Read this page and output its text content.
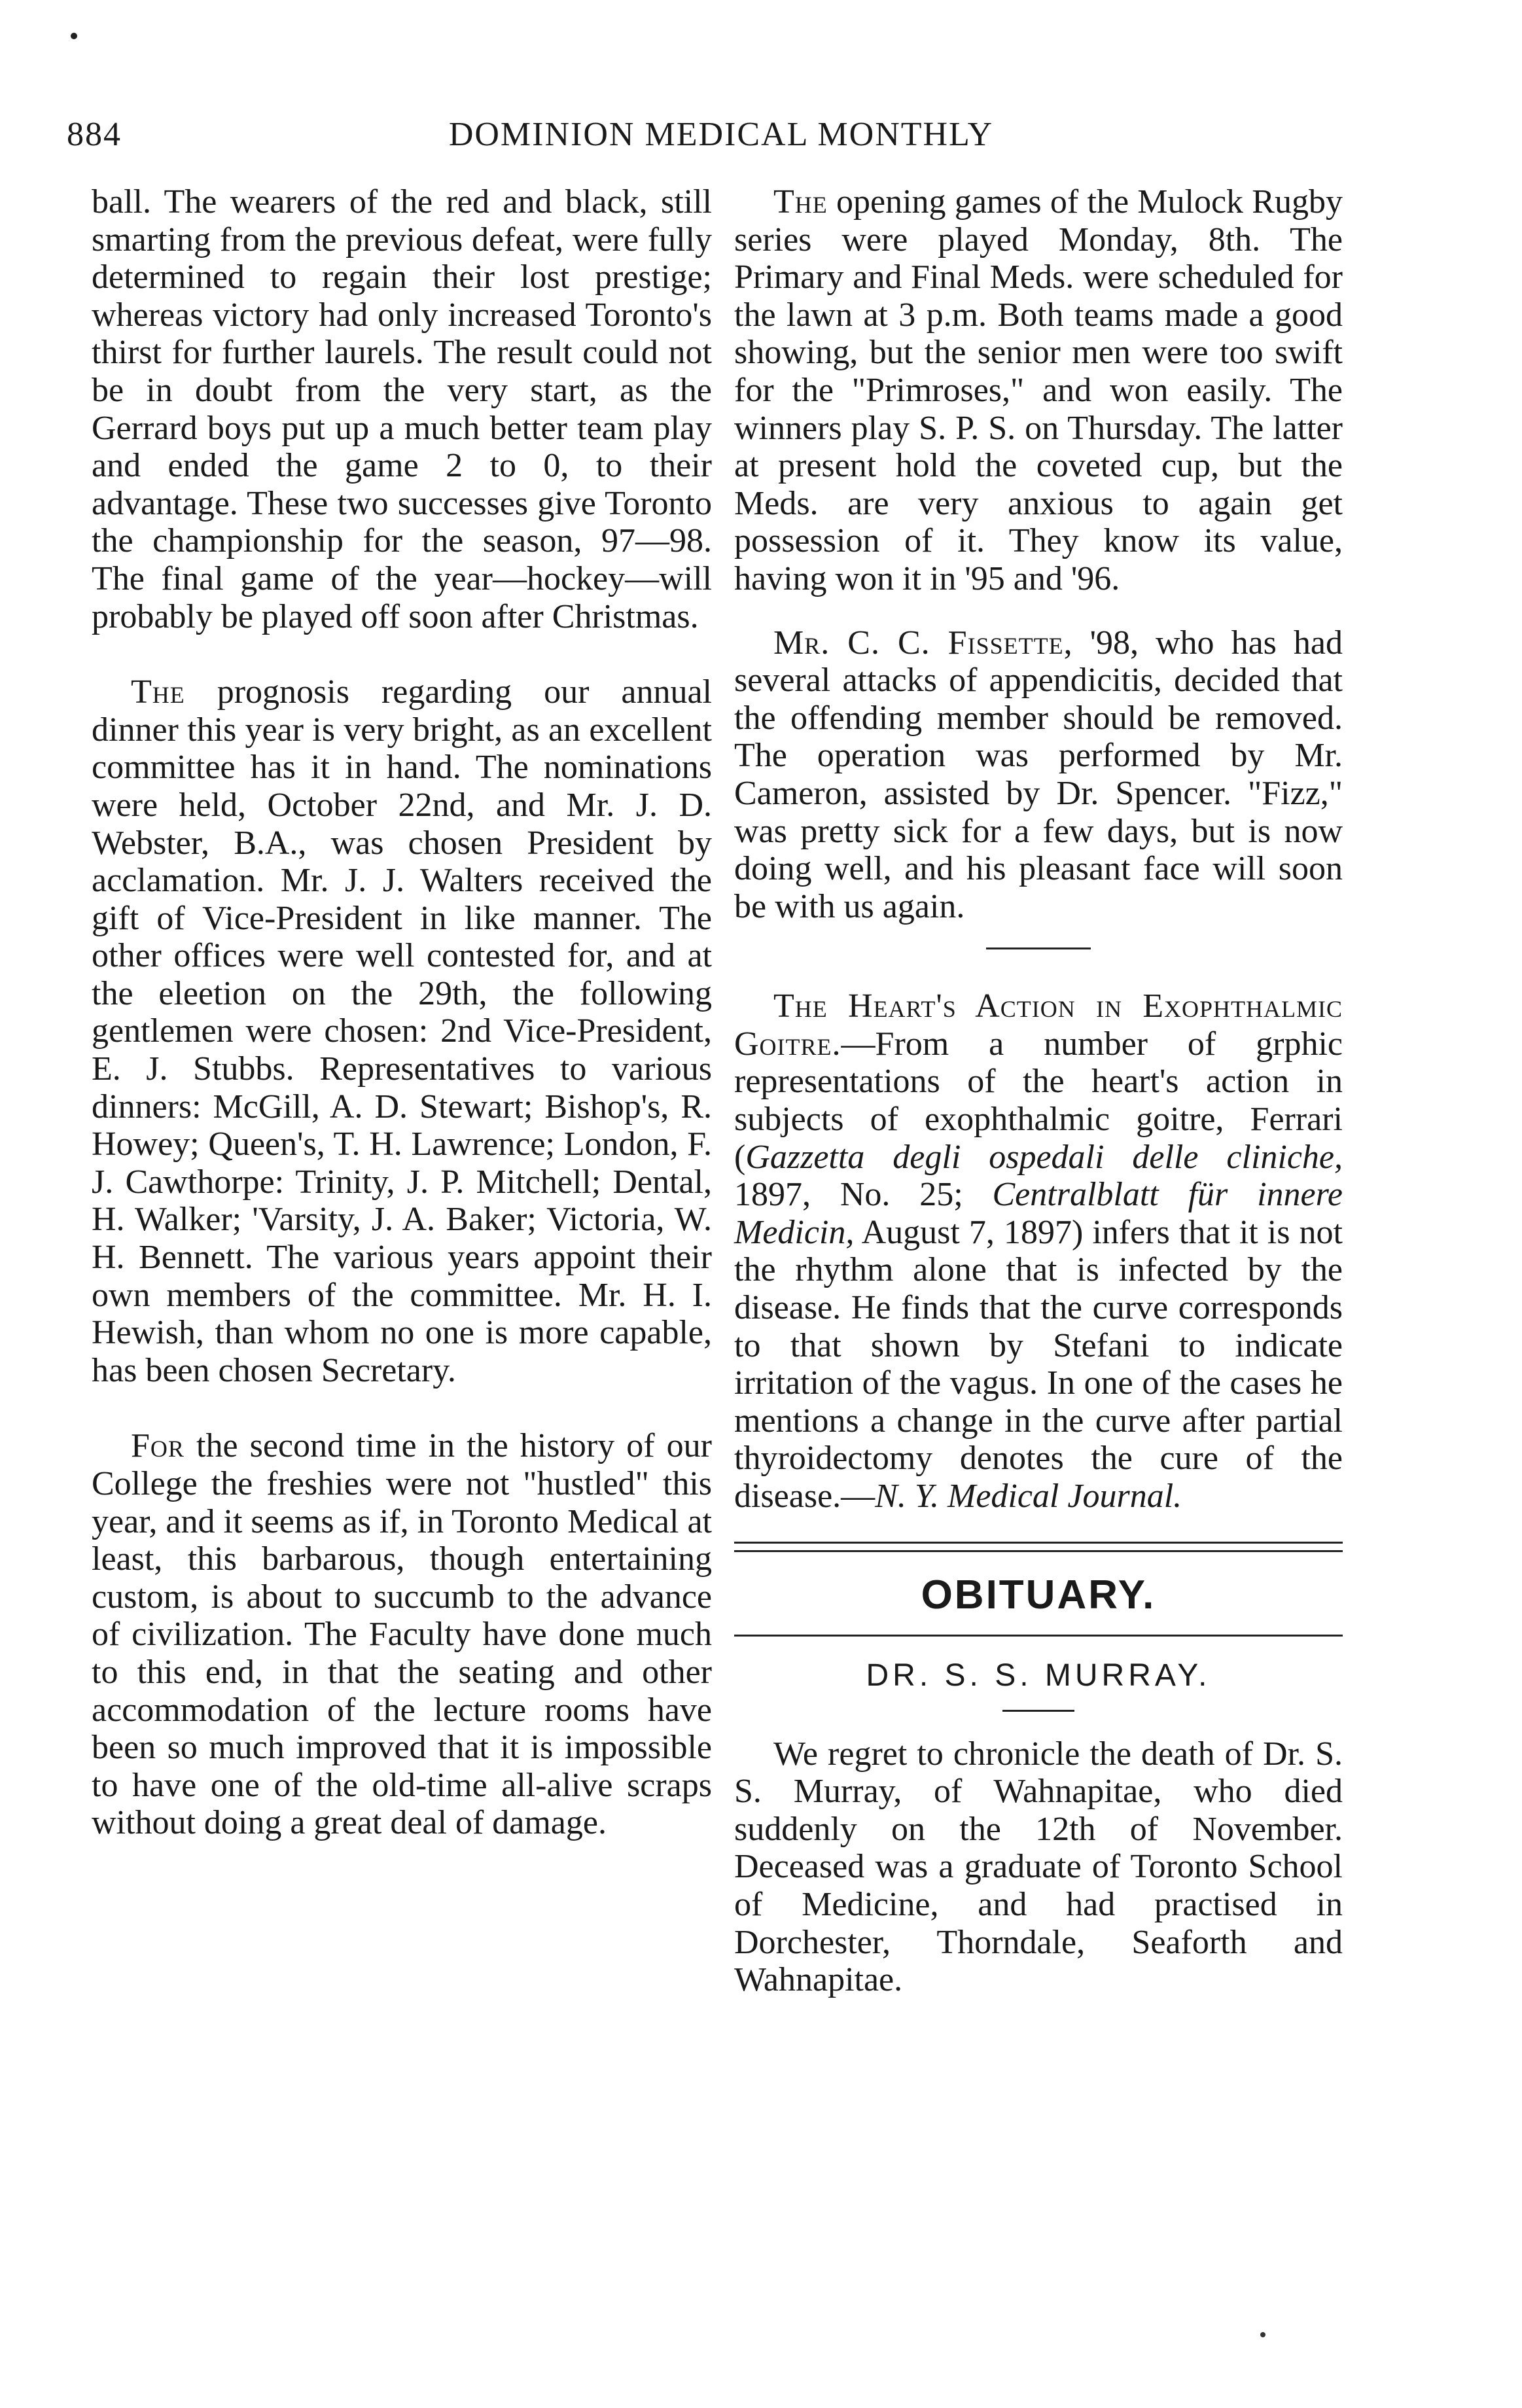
884	DOMINION MEDICAL MONTHLY

ball. The wearers of the red and black, still smarting from the previous defeat, were fully determined to regain their lost prestige; whereas victory had only increased Toronto's thirst for further laurels. The result could not be in doubt from the very start, as the Gerrard boys put up a much better team play and ended the game 2 to 0, to their advantage. These two successes give Toronto the championship for the season, 97—98. The final game of the year—hockey—will probably be played off soon after Christmas.

The prognosis regarding our annual dinner this year is very bright, as an excellent committee has it in hand. The nominations were held, October 22nd, and Mr. J. D. Webster, B.A., was chosen President by acclamation. Mr. J. J. Walters received the gift of Vice-President in like manner. The other offices were well contested for, and at the eleetion on the 29th, the following gentlemen were chosen: 2nd Vice-President, E. J. Stubbs. Representatives to various dinners: McGill, A. D. Stewart; Bishop's, R. Howey; Queen's, T. H. Lawrence; London, F. J. Cawthorpe: Trinity, J. P. Mitchell; Dental, H. Walker; 'Varsity, J. A. Baker; Victoria, W. H. Bennett. The various years appoint their own members of the committee. Mr. H. I. Hewish, than whom no one is more capable, has been chosen Secretary.

For the second time in the history of our College the freshies were not "hustled" this year, and it seems as if, in Toronto Medical at least, this barbarous, though entertaining custom, is about to succumb to the advance of civilization. The Faculty have done much to this end, in that the seating and other accommodation of the lecture rooms have been so much improved that it is impossible to have one of the old-time all-alive scraps without doing a great deal of damage.

The opening games of the Mulock Rugby series were played Monday, 8th. The Primary and Final Meds. were scheduled for the lawn at 3 p.m. Both teams made a good showing, but the senior men were too swift for the "Primroses," and won easily. The winners play S. P. S. on Thursday. The latter at present hold the coveted cup, but the Meds. are very anxious to again get possession of it. They know its value, having won it in '95 and '96.

Mr. C. C. Fissette, '98, who has had several attacks of appendicitis, decided that the offending member should be removed. The operation was performed by Mr. Cameron, assisted by Dr. Spencer. "Fizz," was pretty sick for a few days, but is now doing well, and his pleasant face will soon be with us again.

The Heart's Action in Exophthalmic Goitre.—From a number of grphic representations of the heart's action in subjects of exophthalmic goitre, Ferrari (Gazzetta degli ospedali delle cliniche, 1897, No. 25; Centralblatt für innere Medicin, August 7, 1897) infers that it is not the rhythm alone that is infected by the disease. He finds that the curve corresponds to that shown by Stefani to indicate irritation of the vagus. In one of the cases he mentions a change in the curve after partial thyroidectomy denotes the cure of the disease.—N. Y. Medical Journal.

OBITUARY.
DR. S. S. MURRAY.

We regret to chronicle the death of Dr. S. S. Murray, of Wahnapitae, who died suddenly on the 12th of November. Deceased was a graduate of Toronto School of Medicine, and had practised in Dorchester, Thorndale, Seaforth and Wahnapitae.
